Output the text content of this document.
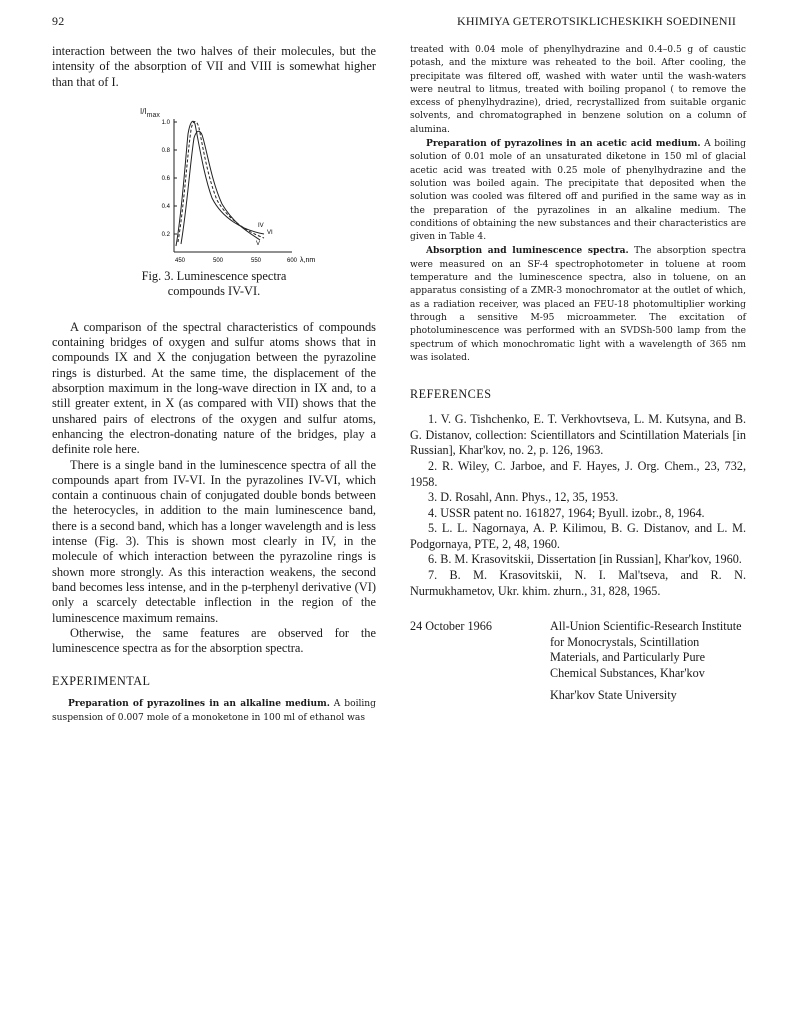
92	KHIMIYA GETEROTSIKLICHESKIKH SOEDINENII

interaction between the two halves of their molecules, but the intensity of the absorption of VII and VIII is somewhat higher than that of I.

I/Imax
1.0
0.8
0.6
0.4
0.2
450	500	550	600 λ,nm
IV
VI
V

Fig. 3. Luminescence spectra
compounds IV-VI.

A comparison of the spectral characteristics of compounds containing bridges of oxygen and sulfur atoms shows that in compounds IX and X the conjugation between the pyrazoline rings is disturbed. At the same time, the displacement of the absorption maximum in the long-wave direction in IX and, to a still greater extent, in X (as compared with VII) shows that the unshared pairs of electrons of the oxygen and sulfur atoms, enhancing the electron-donating nature of the bridges, play a definite role here.

There is a single band in the luminescence spectra of all the compounds apart from IV-VI. In the pyrazolines IV-VI, which contain a continuous chain of conjugated double bonds between the heterocycles, in addition to the main luminescence band, there is a second band, which has a longer wavelength and is less intense (Fig. 3). This is shown most clearly in IV, in the molecule of which interaction between the pyrazoline rings is shown more strongly. As this interaction weakens, the second band becomes less intense, and in the p-terphenyl derivative (VI) only a scarcely detectable inflection in the region of the luminescence maximum remains.

Otherwise, the same features are observed for the luminescence spectra as for the absorption spectra.

EXPERIMENTAL

Preparation of pyrazolines in an alkaline medium. A boiling suspension of 0.007 mole of a monoketone in 100 ml of ethanol was

treated with 0.04 mole of phenylhydrazine and 0.4–0.5 g of caustic potash, and the mixture was reheated to the boil. After cooling, the precipitate was filtered off, washed with water until the wash-waters were neutral to litmus, treated with boiling propanol ( to remove the excess of phenylhydrazine), dried, recrystallized from suitable organic solvents, and chromatographed in benzene solution on a column of alumina.

Preparation of pyrazolines in an acetic acid medium. A boiling solution of 0.01 mole of an unsaturated diketone in 150 ml of glacial acetic acid was treated with 0.25 mole of phenylhydrazine and the solution was boiled again. The precipitate that deposited when the solution was cooled was filtered off and purified in the same way as in the preparation of the pyrazolines in an alkaline medium. The conditions of obtaining the new substances and their characteristics are given in Table 4.

Absorption and luminescence spectra. The absorption spectra were measured on an SF-4 spectrophotometer in toluene at room temperature and the luminescence spectra, also in toluene, on an apparatus consisting of a ZMR-3 monochromator at the outlet of which, as a radiation receiver, was placed an FEU-18 photomultiplier working through a sensitive M-95 microammeter. The excitation of photoluminescence was performed with an SVDSh-500 lamp from the spectrum of which monochromatic light with a wavelength of 365 nm was isolated.

REFERENCES

1. V. G. Tishchenko, E. T. Verkhovtseva, L. M. Kutsyna, and B. G. Distanov, collection: Scientillators and Scintillation Materials [in Russian], Khar'kov, no. 2, p. 126, 1963.

2. R. Wiley, C. Jarboe, and F. Hayes, J. Org. Chem., 23, 732, 1958.

3. D. Rosahl, Ann. Phys., 12, 35, 1953.

4. USSR patent no. 161827, 1964; Byull. izobr., 8, 1964.

5. L. L. Nagornaya, A. P. Kilimou, B. G. Distanov, and L. M. Podgornaya, PTE, 2, 48, 1960.

6. B. M. Krasovitskii, Dissertation [in Russian], Khar'kov, 1960.

7. B. M. Krasovitskii, N. I. Mal'tseva, and R. N. Nurmukhametov, Ukr. khim. zhurn., 31, 828, 1965.

24 October 1966	All-Union Scientific-Research Institute for Monocrystals, Scintillation Materials, and Particularly Pure Chemical Substances, Khar'kov

Khar'kov State University
